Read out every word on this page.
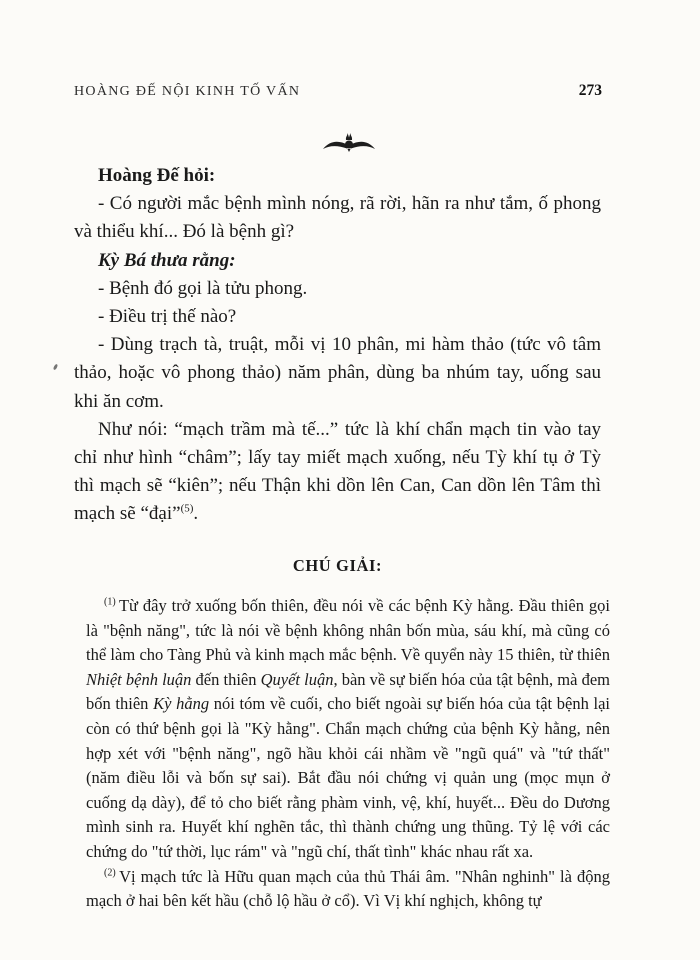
HOÀNG ĐẾ NỘI KINH TỐ VẤN	273
Hoàng Đế hỏi:
- Có người mắc bệnh mình nóng, rã rời, hãn ra như tắm, ố phong và thiểu khí... Đó là bệnh gì?
Kỳ Bá thưa rằng:
- Bệnh đó gọi là tửu phong.
- Điều trị thế nào?
- Dùng trạch tà, truật, mỗi vị 10 phân, mi hàm thảo (tức vô tâm thảo, hoặc vô phong thảo) năm phân, dùng ba nhúm tay, uống sau khi ăn cơm.
Như nói: “mạch trầm mà tế...” tức là khí chẩn mạch tin vào tay chỉ như hình “châm”; lấy tay miết mạch xuống, nếu Tỳ khí tụ ở Tỳ thì mạch sẽ “kiên”; nếu Thận khi dồn lên Can, Can dồn lên Tâm thì mạch sẽ “đại”$^{(5)}$.
CHÚ GIẢI:
$^{(1)}$ Từ đây trở xuống bốn thiên, đều nói về các bệnh Kỳ hằng. Đầu thiên gọi là "bệnh năng", tức là nói về bệnh không nhân bốn mùa, sáu khí, mà cũng có thể làm cho Tàng Phủ và kinh mạch mắc bệnh. Về quyển này 15 thiên, từ thiên Nhiệt bệnh luận đến thiên Quyết luận, bàn về sự biến hóa của tật bệnh, mà đem bốn thiên Kỳ hằng nói tóm về cuối, cho biết ngoài sự biến hóa của tật bệnh lại còn có thứ bệnh gọi là "Kỳ hằng". Chẩn mạch chứng của bệnh Kỳ hằng, nên hợp xét với "bệnh năng", ngõ hầu khỏi cái nhầm về "ngũ quá" và "tứ thất" (năm điều lỗi và bốn sự sai). Bắt đầu nói chứng vị quản ung (mọc mụn ở cuống dạ dày), để tỏ cho biết rằng phàm vinh, vệ, khí, huyết... Đều do Dương mình sinh ra. Huyết khí nghẽn tắc, thì thành chứng ung thũng. Tỷ lệ với các chứng do "tứ thời, lục rám" và "ngũ chí, thất tình" khác nhau rất xa.
$^{(2)}$ Vị mạch tức là Hữu quan mạch của thủ Thái âm. "Nhân nghinh" là động mạch ở hai bên kết hầu (chỗ lộ hầu ở cổ). Vì Vị khí nghịch, không tự
